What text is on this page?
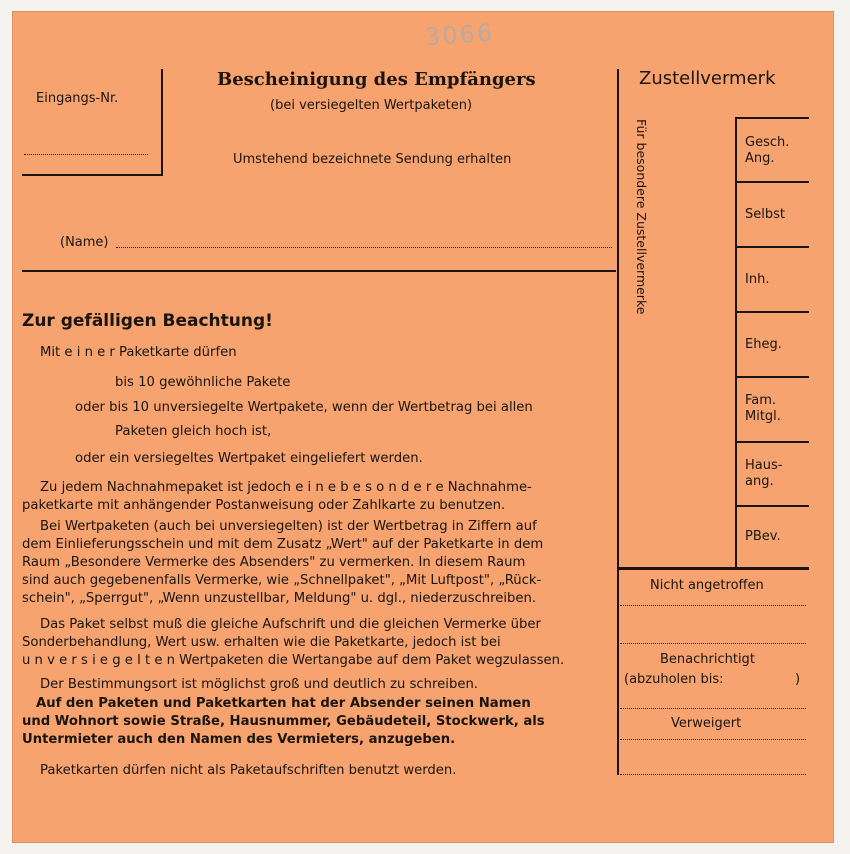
3066
Eingangs-Nr.
Bescheinigung des Empfängers
(bei versiegelten Wertpaketen)
Umstehend bezeichnete Sendung erhalten
(Name)
Zur gefälligen Beachtung!
Mit e i n e r Paketkarte dürfen
bis 10 gewöhnliche Pakete
oder bis 10 unversiegelte Wertpakete, wenn der Wertbetrag bei allen
Paketen gleich hoch ist,
oder ein versiegeltes Wertpaket eingeliefert werden.
Zu jedem Nachnahmepaket ist jedoch e i n e b e s o n d e r e Nachnahme-
paketkarte mit anhängender Postanweisung oder Zahlkarte zu benutzen.
Bei Wertpaketen (auch bei unversiegelten) ist der Wertbetrag in Ziffern auf
dem Einlieferungsschein und mit dem Zusatz „Wert" auf der Paketkarte in dem
Raum „Besondere Vermerke des Absenders" zu vermerken. In diesem Raum
sind auch gegebenenfalls Vermerke, wie „Schnellpaket", „Mit Luftpost", „Rück-
schein", „Sperrgut", „Wenn unzustellbar, Meldung" u. dgl., niederzuschreiben.
Das Paket selbst muß die gleiche Aufschrift und die gleichen Vermerke über
Sonderbehandlung, Wert usw. erhalten wie die Paketkarte, jedoch ist bei
u n v e r s i e g e l t e n Wertpaketen die Wertangabe auf dem Paket wegzulassen.
Der Bestimmungsort ist möglichst groß und deutlich zu schreiben.
Auf den Paketen und Paketkarten hat der Absender seinen Namen
und Wohnort sowie Straße, Hausnummer, Gebäudeteil, Stockwerk, als
Untermieter auch den Namen des Vermieters, anzugeben.
Paketkarten dürfen nicht als Paketaufschriften benutzt werden.
Zustellvermerk
Für besondere Zustellvermerke	Gesch.
Ang.
Selbst
Inh.
Eheg.
Fam.
Mitgl.
Haus-
ang.
PBev.
Nicht angetroffen
Benachrichtigt
(abzuholen bis:	)
Verweigert
